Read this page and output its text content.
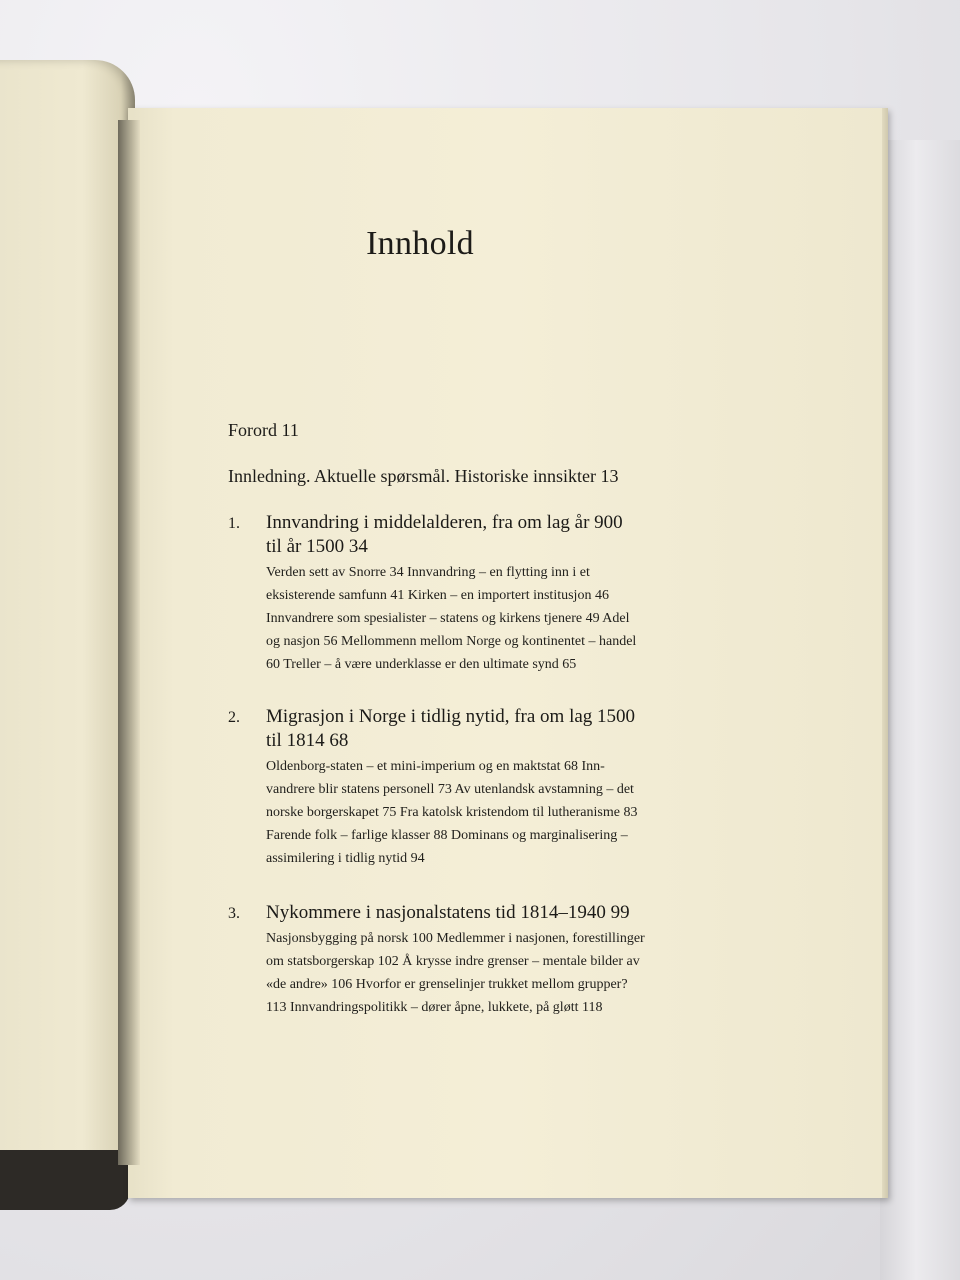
Innhold
Forord 11
Innledning. Aktuelle spørsmål. Historiske innsikter 13
1. Innvandring i middelalderen, fra om lag år 900
til år 1500 34
Verden sett av Snorre 34 Innvandring – en flytting inn i et
eksisterende samfunn 41 Kirken – en importert institusjon 46
Innvandrere som spesialister – statens og kirkens tjenere 49 Adel
og nasjon 56 Mellommenn mellom Norge og kontinentet – handel
60 Treller – å være underklasse er den ultimate synd 65
2. Migrasjon i Norge i tidlig nytid, fra om lag 1500
til 1814 68
Oldenborg-staten – et mini-imperium og en maktstat 68 Inn-
vandrere blir statens personell 73 Av utenlandsk avstamning – det
norske borgerskapet 75 Fra katolsk kristendom til lutheranisme 83
Farende folk – farlige klasser 88 Dominans og marginalisering –
assimilering i tidlig nytid 94
3. Nykommere i nasjonalstatens tid 1814–1940 99
Nasjonsbygging på norsk 100 Medlemmer i nasjonen, forestillinger
om statsborgerskap 102 Å krysse indre grenser – mentale bilder av
«de andre» 106 Hvorfor er grenselinjer trukket mellom grupper?
113 Innvandringspolitikk – dører åpne, lukkete, på gløtt 118
